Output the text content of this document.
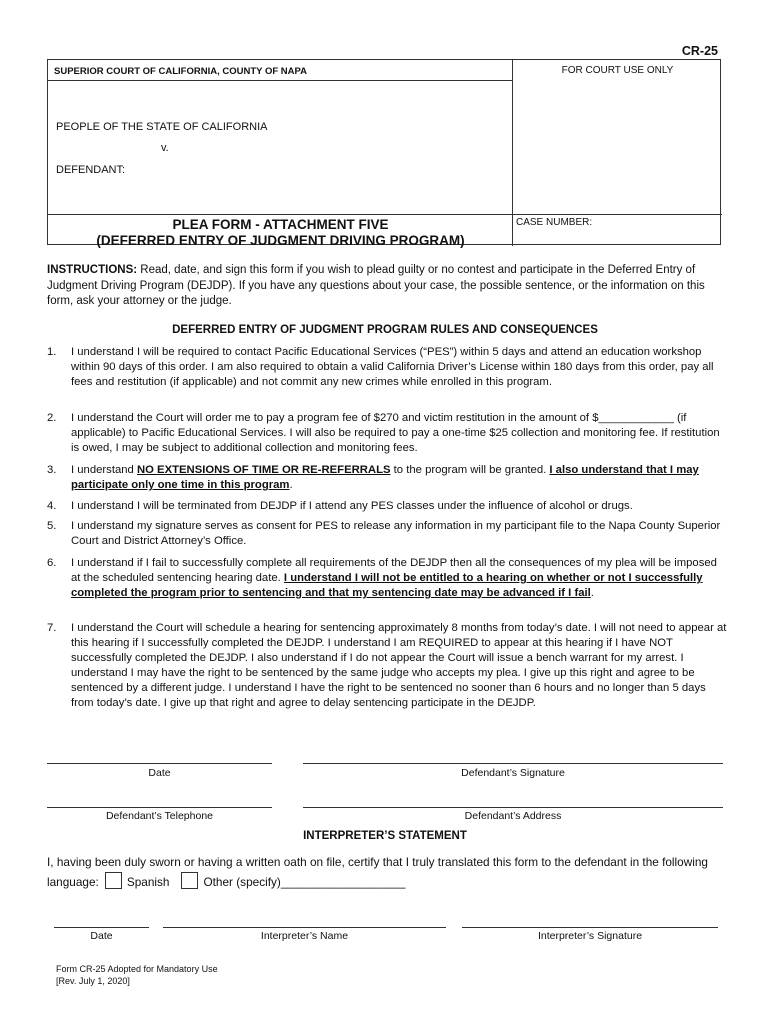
CR-25
SUPERIOR COURT OF CALIFORNIA, COUNTY OF NAPA
PEOPLE OF THE STATE OF CALIFORNIA
v.
DEFENDANT:
PLEA FORM - ATTACHMENT FIVE
(DEFERRED ENTRY OF JUDGMENT DRIVING PROGRAM)
FOR COURT USE ONLY
CASE NUMBER:
INSTRUCTIONS: Read, date, and sign this form if you wish to plead guilty or no contest and participate in the Deferred Entry of Judgment Driving Program (DEJDP). If you have any questions about your case, the possible sentence, or the information on this form, ask your attorney or the judge.
DEFERRED ENTRY OF JUDGMENT PROGRAM RULES AND CONSEQUENCES
1. I understand I will be required to contact Pacific Educational Services (“PES”) within 5 days and attend an education workshop within 90 days of this order. I am also required to obtain a valid California Driver’s License within 180 days from this order, pay all fees and restitution (if applicable) and not commit any new crimes while enrolled in this program.
2. I understand the Court will order me to pay a program fee of $270 and victim restitution in the amount of $____________ (if applicable) to Pacific Educational Services. I will also be required to pay a one-time $25 collection and monitoring fee. If restitution is owed, I may be subject to additional collection and monitoring fees.
3. I understand NO EXTENSIONS OF TIME OR RE-REFERRALS to the program will be granted. I also understand that I may participate only one time in this program.
4. I understand I will be terminated from DEJDP if I attend any PES classes under the influence of alcohol or drugs.
5. I understand my signature serves as consent for PES to release any information in my participant file to the Napa County Superior Court and District Attorney’s Office.
6. I understand if I fail to successfully complete all requirements of the DEJDP then all the consequences of my plea will be imposed at the scheduled sentencing hearing date. I understand I will not be entitled to a hearing on whether or not I successfully completed the program prior to sentencing and that my sentencing date may be advanced if I fail.
7. I understand the Court will schedule a hearing for sentencing approximately 8 months from today’s date. I will not need to appear at this hearing if I successfully completed the DEJDP. I understand I am REQUIRED to appear at this hearing if I have NOT successfully completed the DEJDP. I also understand if I do not appear the Court will issue a bench warrant for my arrest. I understand I may have the right to be sentenced by the same judge who accepts my plea. I give up this right and agree to be sentenced by a different judge. I understand I have the right to be sentenced no sooner than 6 hours and no longer than 5 days from today’s date. I give up that right and agree to delay sentencing participate in the DEJDP.
Date	Defendant’s Signature
Defendant’s Telephone	Defendant’s Address
INTERPRETER’S STATEMENT
I, having been duly sworn or having a written oath on file, certify that I truly translated this form to the defendant in the following language: Spanish	Other (specify)___________________
Date	Interpreter’s Name	Interpreter’s Signature
Form CR-25 Adopted for Mandatory Use
[Rev. July 1, 2020]
